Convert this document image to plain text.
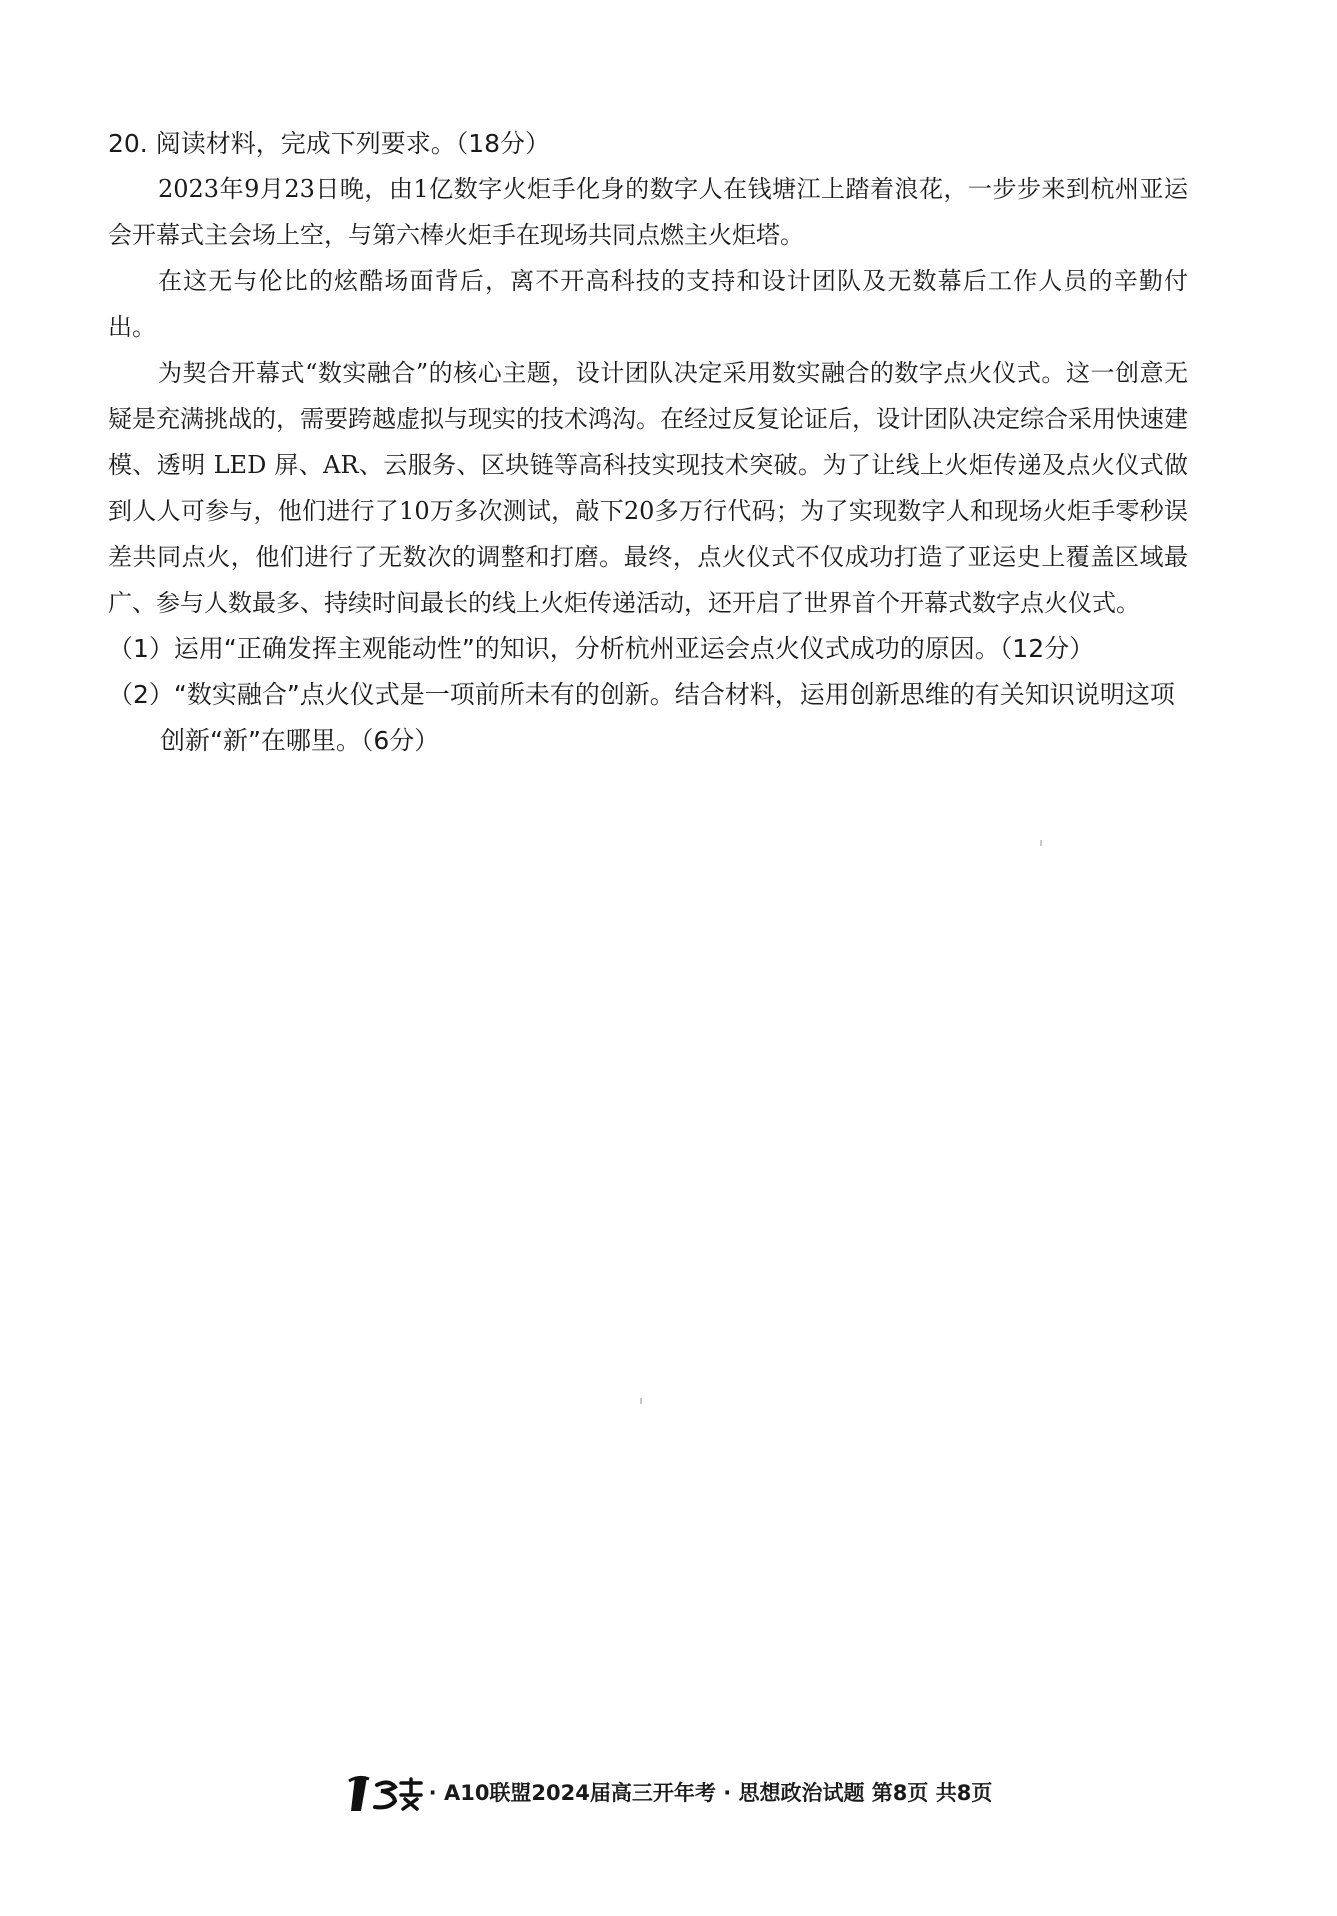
20. 阅读材料，完成下列要求。（18分）

2023年9月23日晚，由1亿数字火炬手化身的数字人在钱塘江上踏着浪花，一步步来到杭州亚运会开幕式主会场上空，与第六棒火炬手在现场共同点燃主火炬塔。

在这无与伦比的炫酷场面背后，离不开高科技的支持和设计团队及无数幕后工作人员的辛勤付出。

为契合开幕式“数实融合”的核心主题，设计团队决定采用数实融合的数字点火仪式。这一创意无疑是充满挑战的，需要跨越虚拟与现实的技术鸿沟。在经过反复论证后，设计团队决定综合采用快速建模、透明 LED 屏、AR、云服务、区块链等高科技实现技术突破。为了让线上火炬传递及点火仪式做到人人可参与，他们进行了10万多次测试，敲下20多万行代码；为了实现数字人和现场火炬手零秒误差共同点火，他们进行了无数次的调整和打磨。最终，点火仪式不仅成功打造了亚运史上覆盖区域最广、参与人数最多、持续时间最长的线上火炬传递活动，还开启了世界首个开幕式数字点火仪式。

（1）运用“正确发挥主观能动性”的知识，分析杭州亚运会点火仪式成功的原因。（12分）

（2）“数实融合”点火仪式是一项前所未有的创新。结合材料，运用创新思维的有关知识说明这项创新“新”在哪里。（6分）

· A10联盟2024届高三开年考 · 思想政治试题 第8页 共8页
